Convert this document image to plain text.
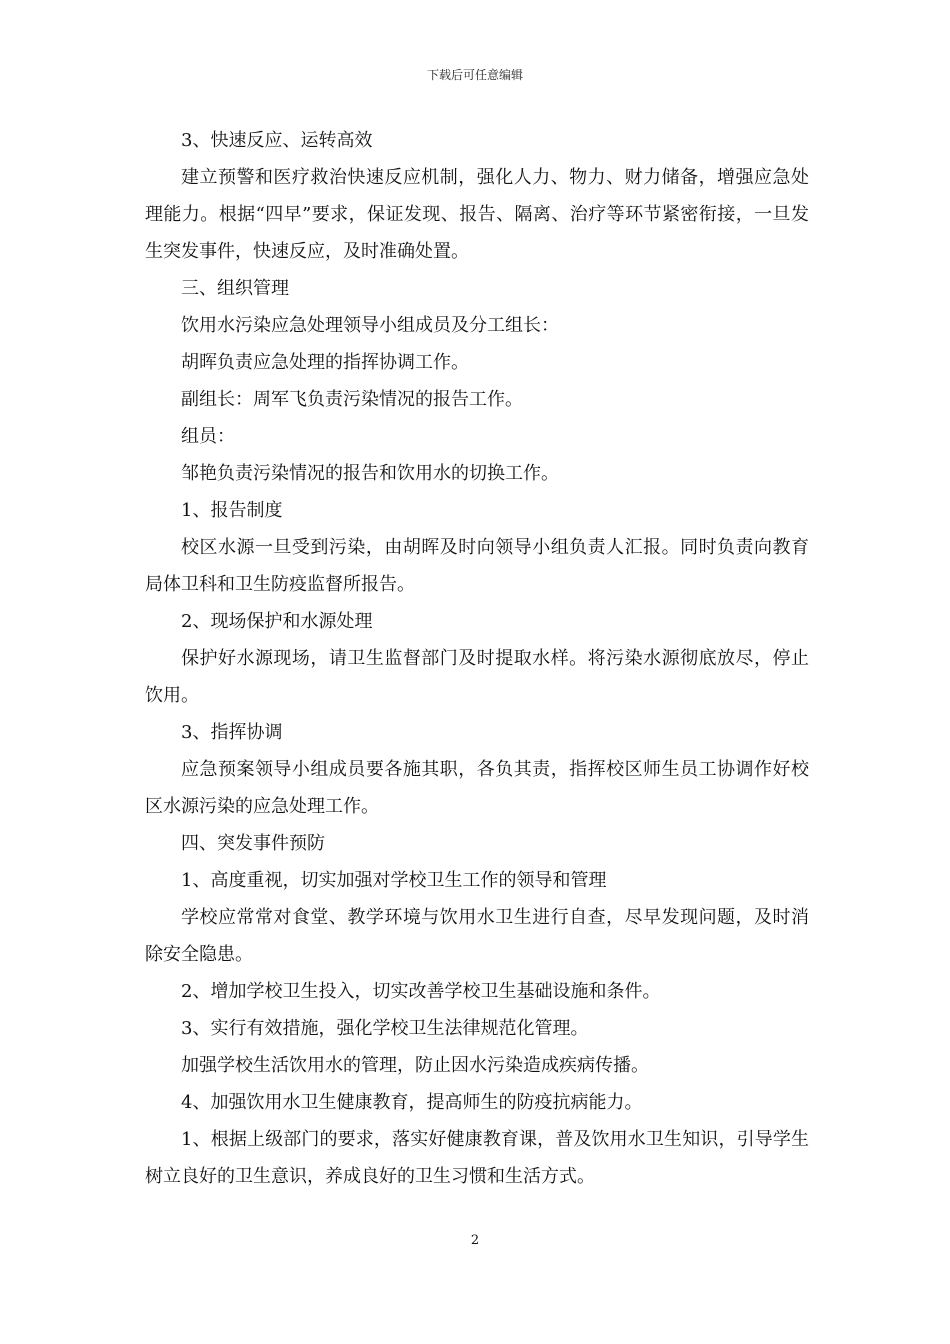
下载后可任意编辑

3、快速反应、运转高效

建立预警和医疗救治快速反应机制，强化人力、物力、财力储备，增强应急处理能力。根据“四早”要求，保证发现、报告、隔离、治疗等环节紧密衔接，一旦发生突发事件，快速反应，及时准确处置。

三、组织管理

饮用水污染应急处理领导小组成员及分工组长：

胡晖负责应急处理的指挥协调工作。

副组长：周军飞负责污染情况的报告工作。

组员：

邹艳负责污染情况的报告和饮用水的切换工作。

1、报告制度

校区水源一旦受到污染，由胡晖及时向领导小组负责人汇报。同时负责向教育局体卫科和卫生防疫监督所报告。

2、现场保护和水源处理

保护好水源现场，请卫生监督部门及时提取水样。将污染水源彻底放尽，停止饮用。

3、指挥协调

应急预案领导小组成员要各施其职，各负其责，指挥校区师生员工协调作好校区水源污染的应急处理工作。

四、突发事件预防

1、高度重视，切实加强对学校卫生工作的领导和管理

学校应常常对食堂、教学环境与饮用水卫生进行自查，尽早发现问题，及时消除安全隐患。

2、增加学校卫生投入，切实改善学校卫生基础设施和条件。

3、实行有效措施，强化学校卫生法律规范化管理。

加强学校生活饮用水的管理，防止因水污染造成疾病传播。

4、加强饮用水卫生健康教育，提高师生的防疫抗病能力。

1、根据上级部门的要求，落实好健康教育课，普及饮用水卫生知识，引导学生树立良好的卫生意识，养成良好的卫生习惯和生活方式。

2
